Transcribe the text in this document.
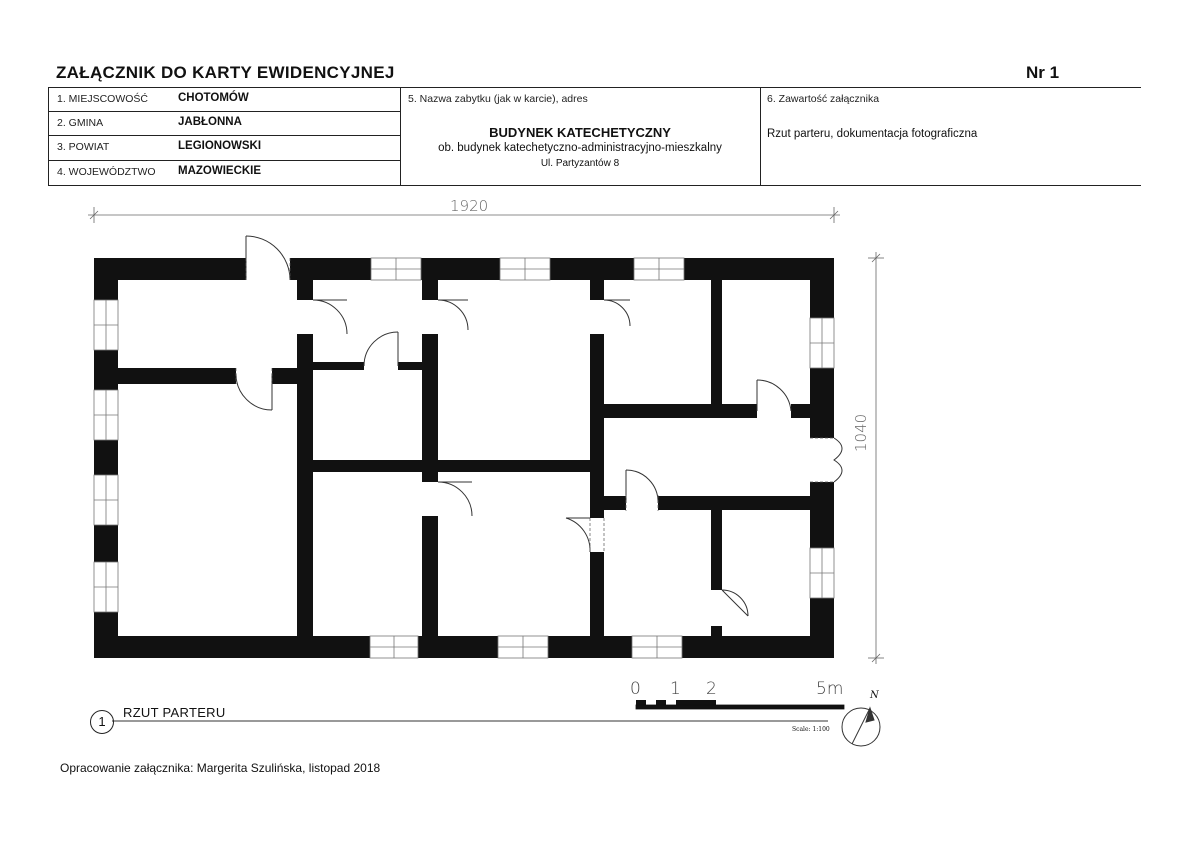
ZAŁĄCZNIK DO KARTY EWIDENCYJNEJ	Nr 1
1. MIEJSCOWOŚĆ	CHOTOMÓW
2. GMINA	JABŁONNA
3. POWIAT	LEGIONOWSKI
4. WOJEWÓDZTWO MAZOWIECKIE
5. Nazwa zabytku (jak w karcie), adres
BUDYNEK KATECHETYCZNY
ob. budynek katechetyczno-administracyjno-mieszkalny
Ul. Partyzantów 8
6. Zawartość załącznika
Rzut parteru, dokumentacja fotograficzna
1920
1040
0 1 2	5m
Scale: 1:100
N
1
RZUT PARTERU
Opracowanie załącznika: Margerita Szulińska, listopad 2018
